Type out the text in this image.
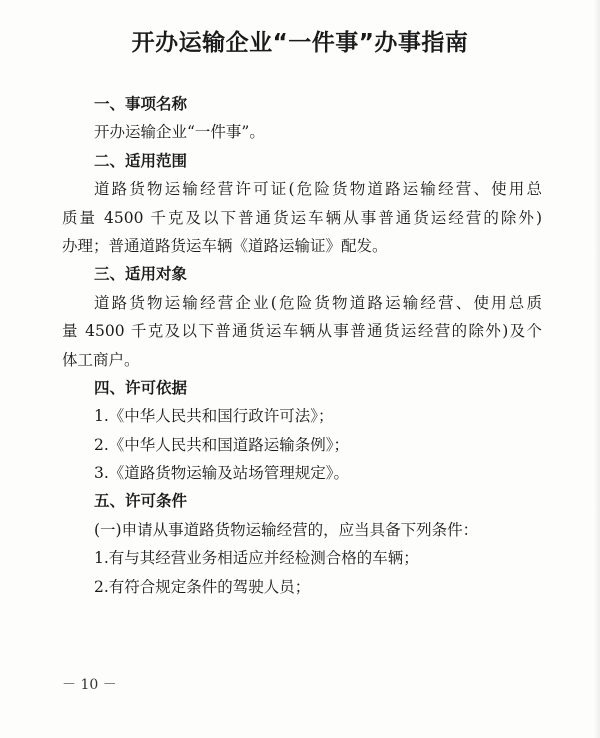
开办运输企业“一件事”办事指南
一、事项名称
开办运输企业“一件事”。
二、适用范围
道路货物运输经营许可证(危险货物道路运输经营、使用总
质量 4500 千克及以下普通货运车辆从事普通货运经营的除外)
办理；普通道路货运车辆《道路运输证》配发。
三、适用对象
道路货物运输经营企业(危险货物道路运输经营、使用总质
量 4500 千克及以下普通货运车辆从事普通货运经营的除外)及个
体工商户。
四、许可依据
1.《中华人民共和国行政许可法》；
2.《中华人民共和国道路运输条例》；
3.《道路货物运输及站场管理规定》。
五、许可条件
(一)申请从事道路货物运输经营的，应当具备下列条件：
1.有与其经营业务相适应并经检测合格的车辆；
2.有符合规定条件的驾驶人员；
－ 10 －
